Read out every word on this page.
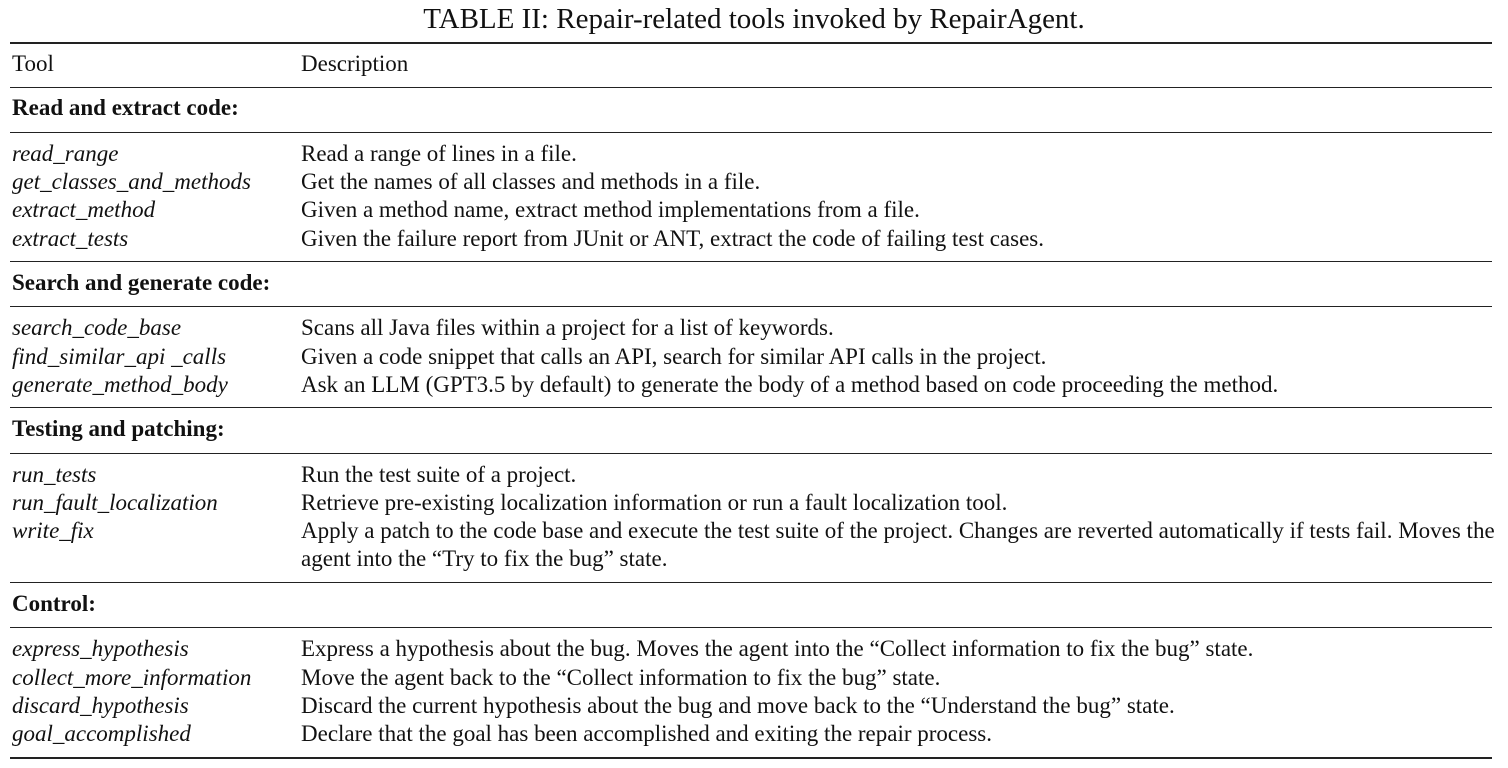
TABLE II: Repair-related tools invoked by RepairAgent.
Tool	Description
Read and extract code:
read_range	Read a range of lines in a file.
get_classes_and_methods Get the names of all classes and methods in a file.
extract_method	Given a method name, extract method implementations from a file.
extract_tests	Given the failure report from JUnit or ANT, extract the code of failing test cases.
Search and generate code:
search_code_base	Scans all Java files within a project for a list of keywords.
find_similar_api _calls	Given a code snippet that calls an API, search for similar API calls in the project.
generate_method_body	Ask an LLM (GPT3.5 by default) to generate the body of a method based on code proceeding the method.
Testing and patching:
run_tests	Run the test suite of a project.
run_fault_localization	Retrieve pre-existing localization information or run a fault localization tool.
write_fix	Apply a patch to the code base and execute the test suite of the project. Changes are reverted automatically if tests fail. Moves the agent into the “Try to fix the bug” state.
Control:
express_hypothesis	Express a hypothesis about the bug. Moves the agent into the “Collect information to fix the bug” state.
collect_more_information Move the agent back to the “Collect information to fix the bug” state.
discard_hypothesis	Discard the current hypothesis about the bug and move back to the “Understand the bug” state.
goal_accomplished	Declare that the goal has been accomplished and exiting the repair process.
